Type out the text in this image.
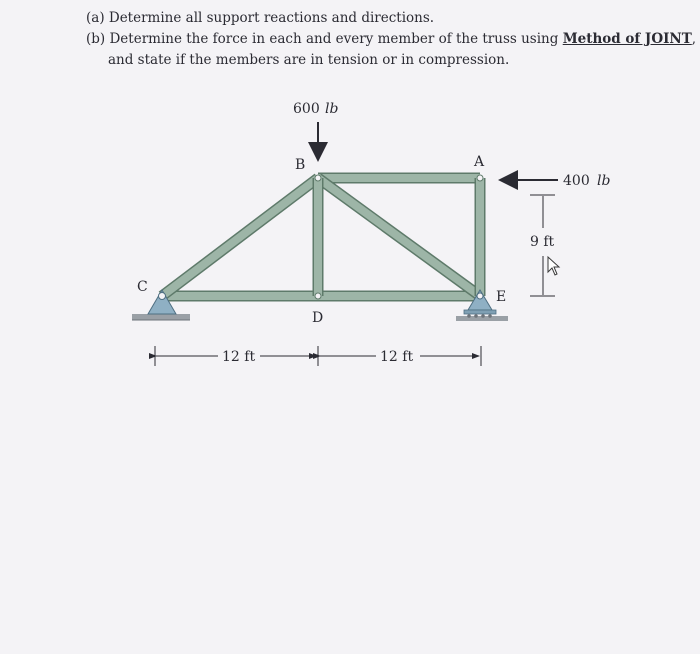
(a) Determine all support reactions and directions.
(b) Determine the force in each and every member of the truss using Method of JOINT,
and state if the members are in tension or in compression.
600 lb
400 lb
B	A
C
D
E
9 ft
12 ft	12 ft
